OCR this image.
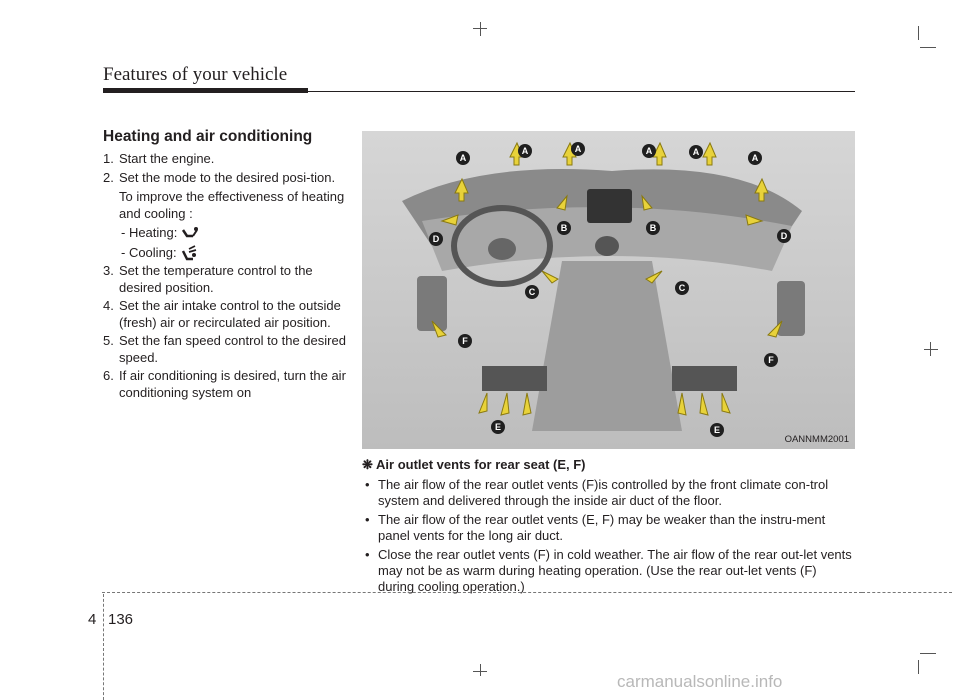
Features of your vehicle
Heating and air conditioning
1. Start the engine.
2. Set the mode to the desired posi-tion.
To improve the effectiveness of heating and cooling :
- Heating:
- Cooling:
3. Set the temperature control to the desired position.
4. Set the air intake control to the outside (fresh) air or recirculated air position.
5. Set the fan speed control to the desired speed.
6. If air conditioning is desired, turn the air conditioning system on
A
A	A	A	A
A
B	B
C	C
D	D
E	E
F
F
OANNMM2001
❋ Air outlet vents for rear seat (E, F)
• The air flow of the rear outlet vents (F)is controlled by the front climate con-trol system and delivered through the inside air duct of the floor.
• The air flow of the rear outlet vents (E, F) may be weaker than the instru-ment panel vents for the long air duct.
• Close the rear outlet vents (F) in cold weather. The air flow of the rear out-let vents may not be as warm during heating operation. (Use the rear out-let vents (F) during cooling operation.)
4 136
carmanualsonline.info
